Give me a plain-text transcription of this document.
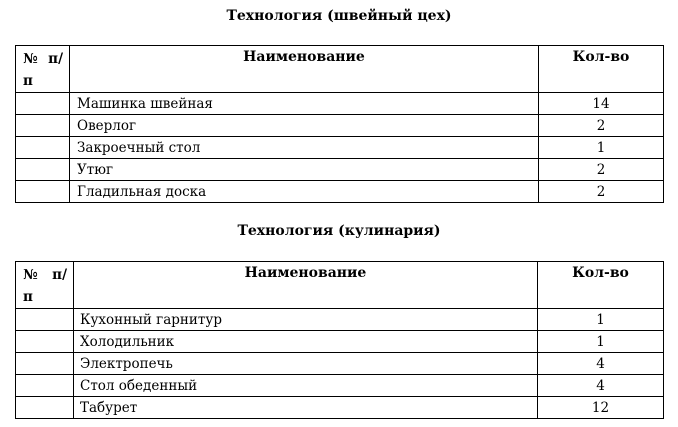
Технология (швейный цех)
№ п/ п	Наименование	Кол-во
	Машинка швейная	14
	Оверлог	2
	Закроечный стол	1
	Утюг	2
	Гладильная доска	2
Технология (кулинария)
№ п/ п	Наименование	Кол-во
	Кухонный гарнитур	1
	Холодильник	1
	Электропечь	4
	Стол обеденный	4
	Табурет	12
